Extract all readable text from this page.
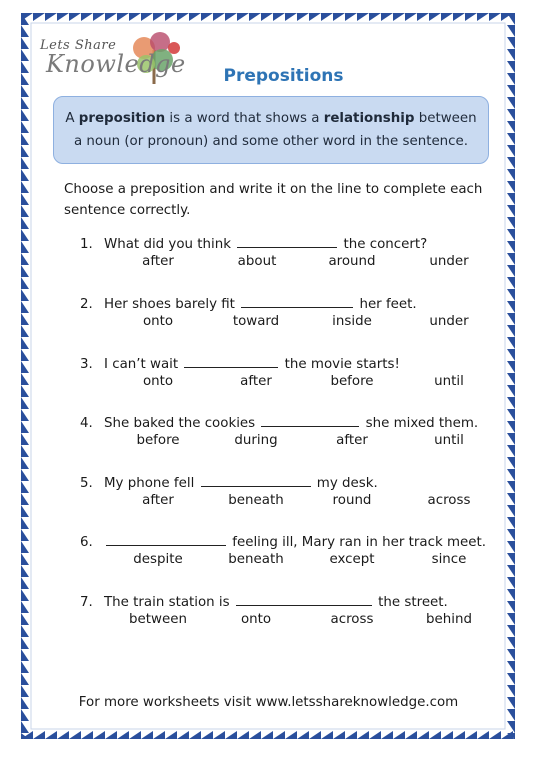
Lets Share
Knowledge	Prepositions
A preposition is a word that shows a relationship between a noun (or pronoun) and some other word in the sentence.
Choose a preposition and write it on the line to complete each sentence correctly.
1. What did you think	the concert?
after	about	around	under
2. Her shoes barely fit	her feet.
onto	toward	inside	under
3. I can’t wait	the movie starts!
onto	after	before	until
4. She baked the cookies	she mixed them.
before	during	after	until
5. My phone fell	my desk.
after	beneath	round	across
6.	feeling ill, Mary ran in her track meet.
despite	beneath	except	since
7. The train station is	the street.
between	onto	across	behind
For more worksheets visit www.letsshareknowledge.com
